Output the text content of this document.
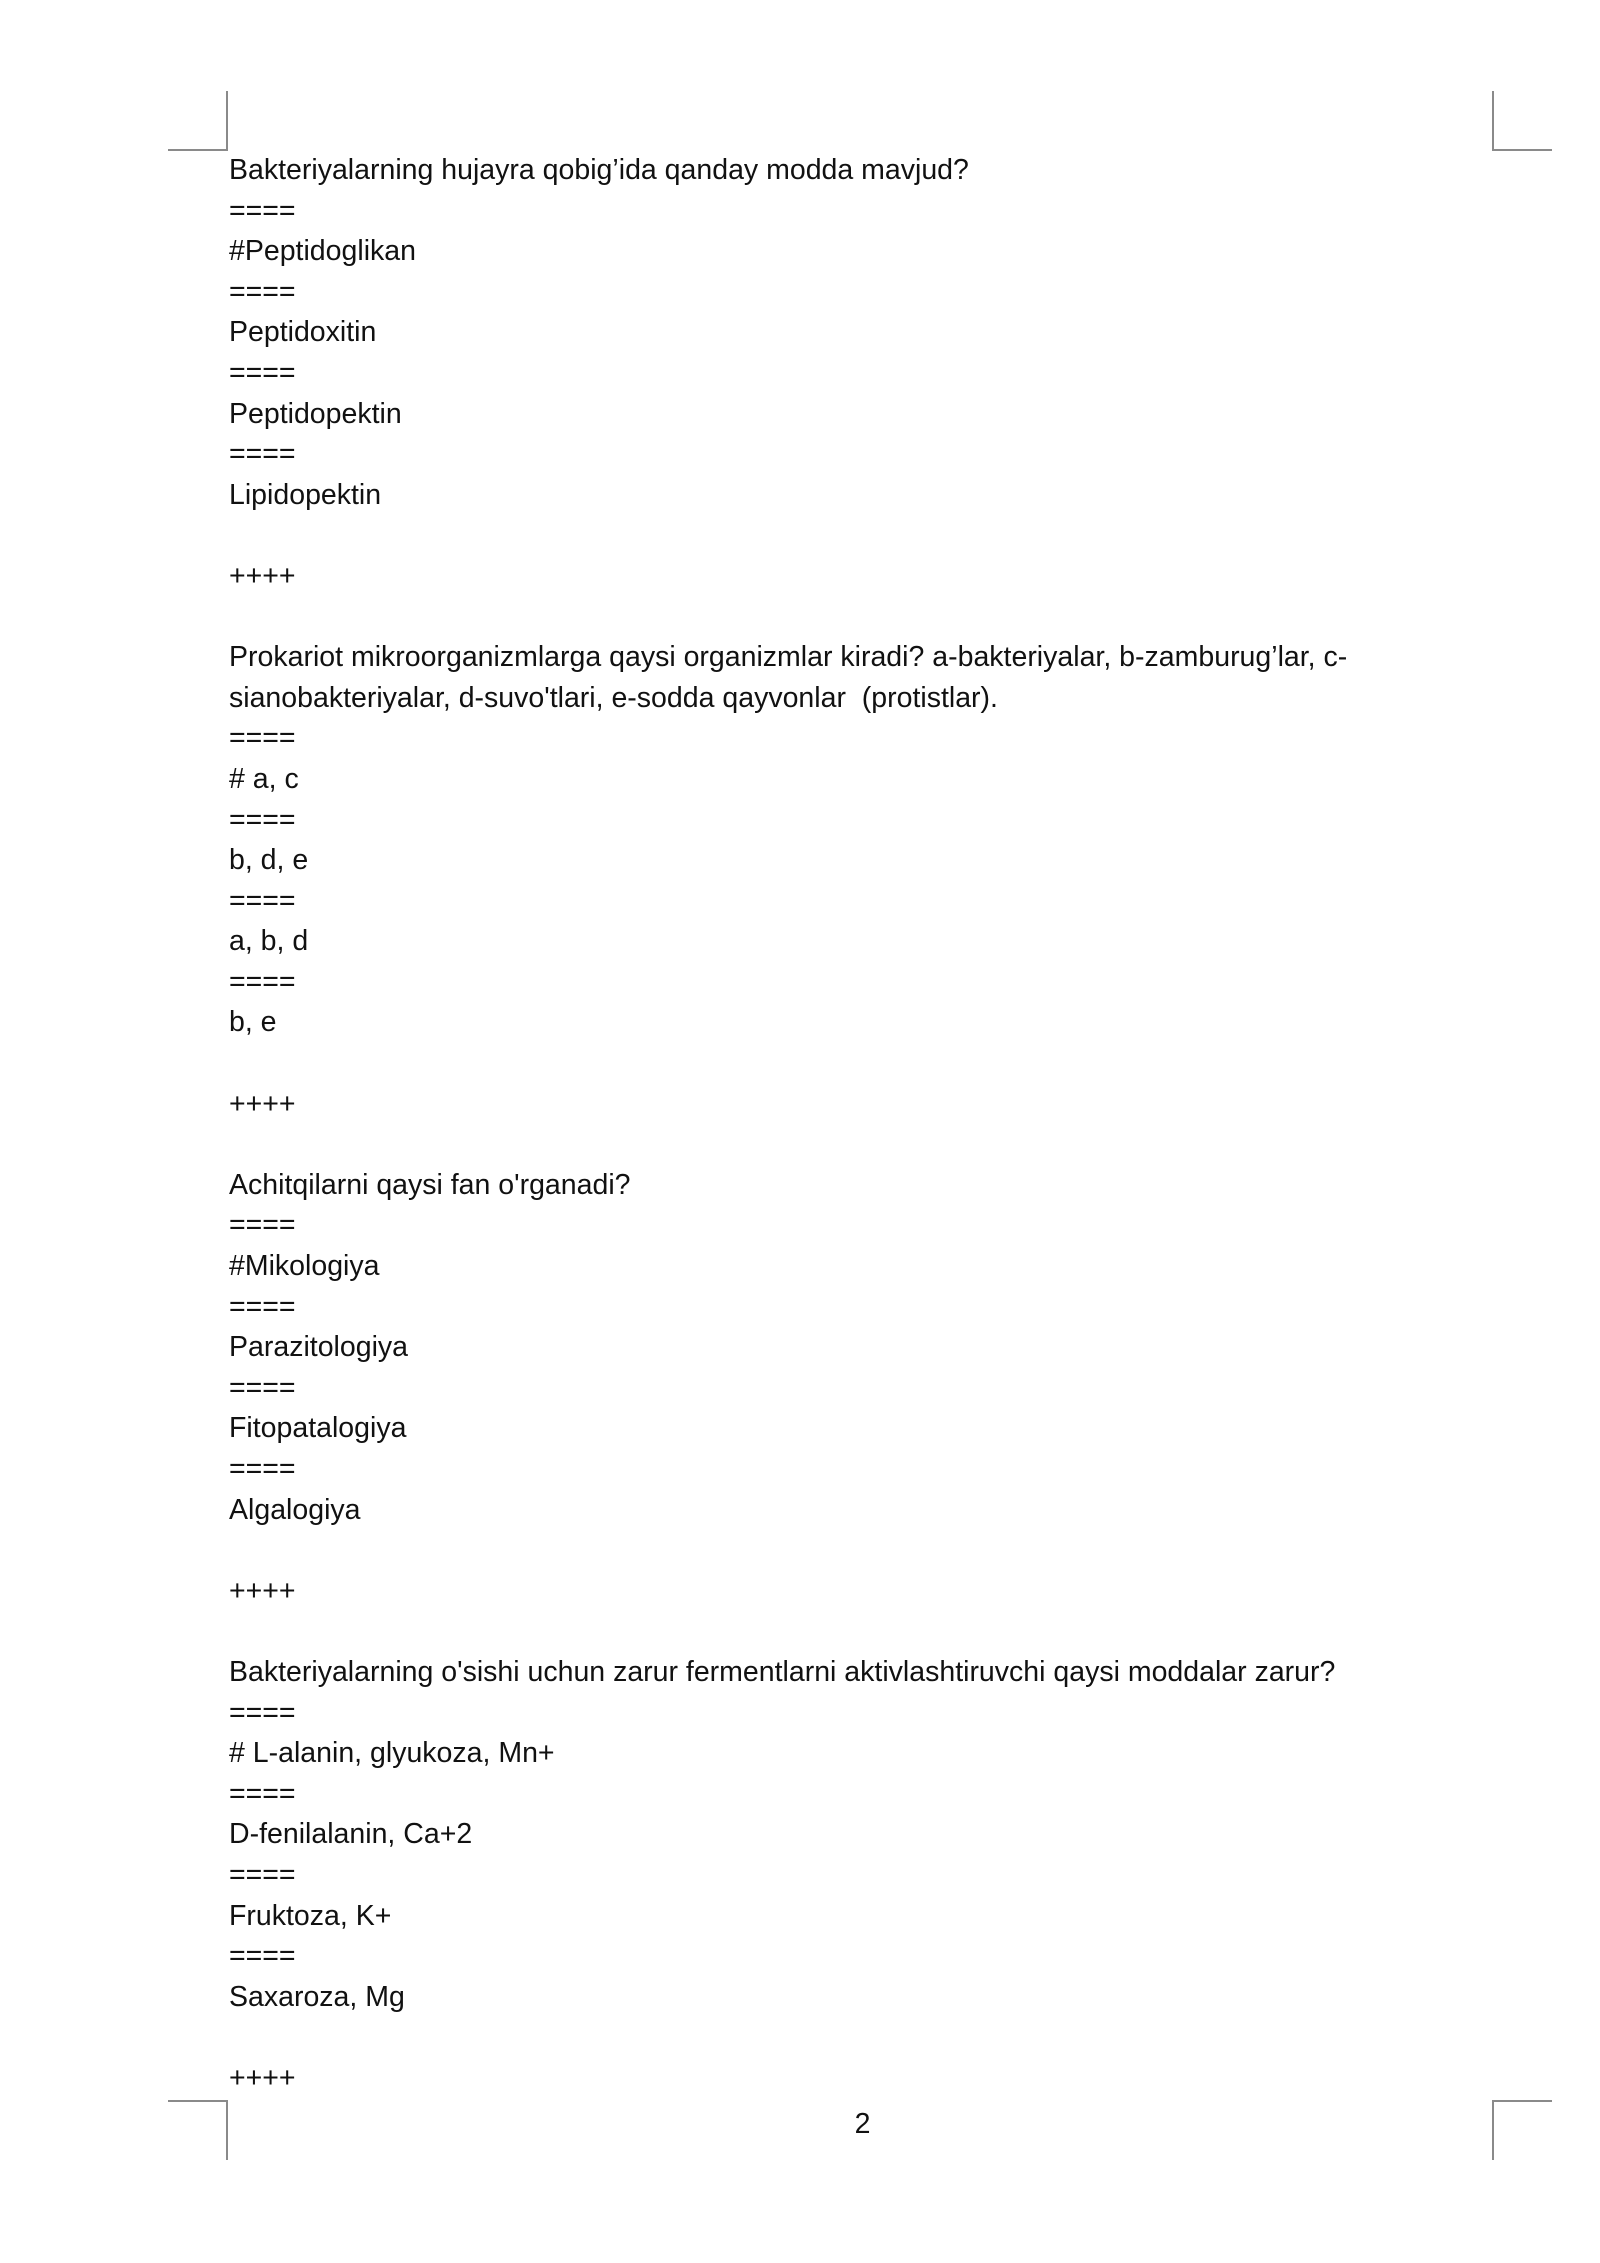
Bakteriyalarning hujayra qobig’ida qanday modda mavjud?
====
#Peptidoglikan
====
Peptidoxitin
====
Peptidopektin
====
Lipidopektin
++++
Prokariot mikroorganizmlarga qaysi organizmlar kiradi? a-bakteriyalar, b-zamburug’lar, c-sianobakteriyalar, d-suvo'tlari, e-sodda qayvonlar  (protistlar).
====
# a, c
====
b, d, e
====
a, b, d
====
b, e
++++
Achitqilarni qaysi fan o'rganadi?
====
#Mikologiya
====
Parazitologiya
====
Fitopatalogiya
====
Algalogiya
++++
Bakteriyalarning o'sishi uchun zarur fermentlarni aktivlashtiruvchi qaysi moddalar zarur?
====
# L-alanin, glyukoza, Mn+
====
D-fenilalanin, Ca+2
====
Fruktoza, K+
====
Saxaroza, Mg
++++
2
